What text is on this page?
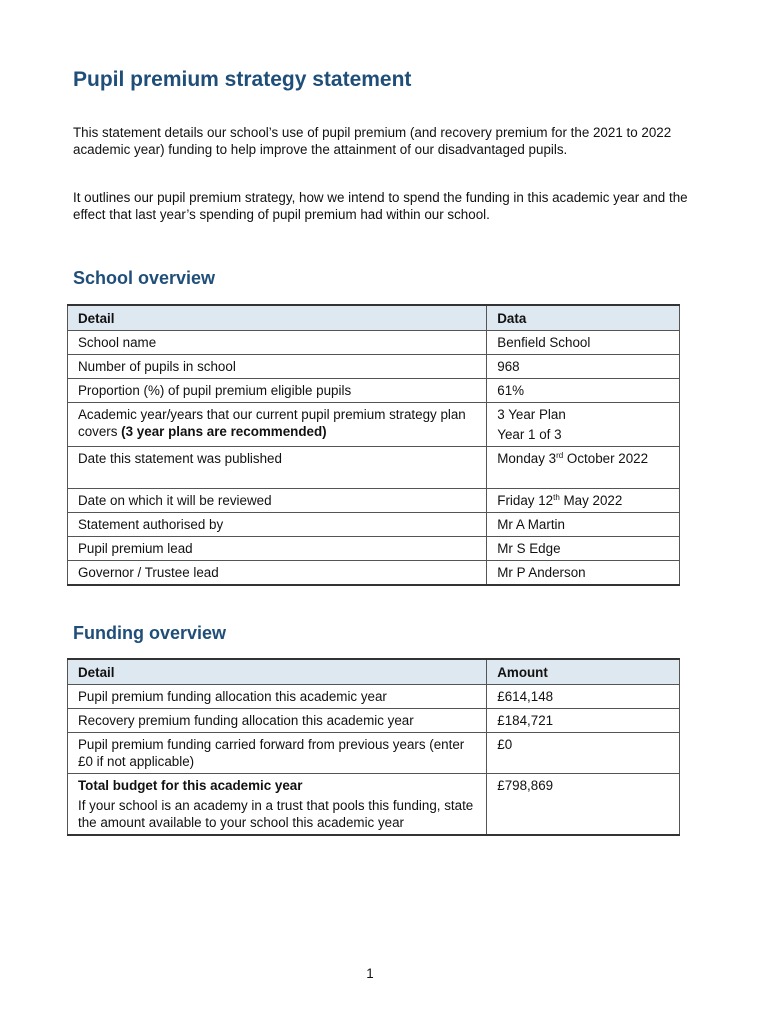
Pupil premium strategy statement

This statement details our school’s use of pupil premium (and recovery premium for the 2021 to 2022 academic year) funding to help improve the attainment of our disadvantaged pupils.

It outlines our pupil premium strategy, how we intend to spend the funding in this academic year and the effect that last year’s spending of pupil premium had within our school.

School overview
Detail	Data
School name	Benfield School
Number of pupils in school	968
Proportion (%) of pupil premium eligible pupils	61%
Academic year/years that our current pupil premium strategy plan covers (3 year plans are recommended)	3 Year Plan
Year 1 of 3

Date this statement was published	Monday 3rd October 2022
Date on which it will be reviewed	Friday 12th May 2022
Statement authorised by	Mr A Martin
Pupil premium lead	Mr S Edge
Governor / Trustee lead	Mr P Anderson
Funding overview
Detail	Amount
Pupil premium funding allocation this academic year	£614,148
Recovery premium funding allocation this academic year	£184,721
Pupil premium funding carried forward from previous years (enter £0 if not applicable)	£0
Total budget for this academic year
If your school is an academy in a trust that pools this funding, state the amount available to your school this academic year	£798,869
1
